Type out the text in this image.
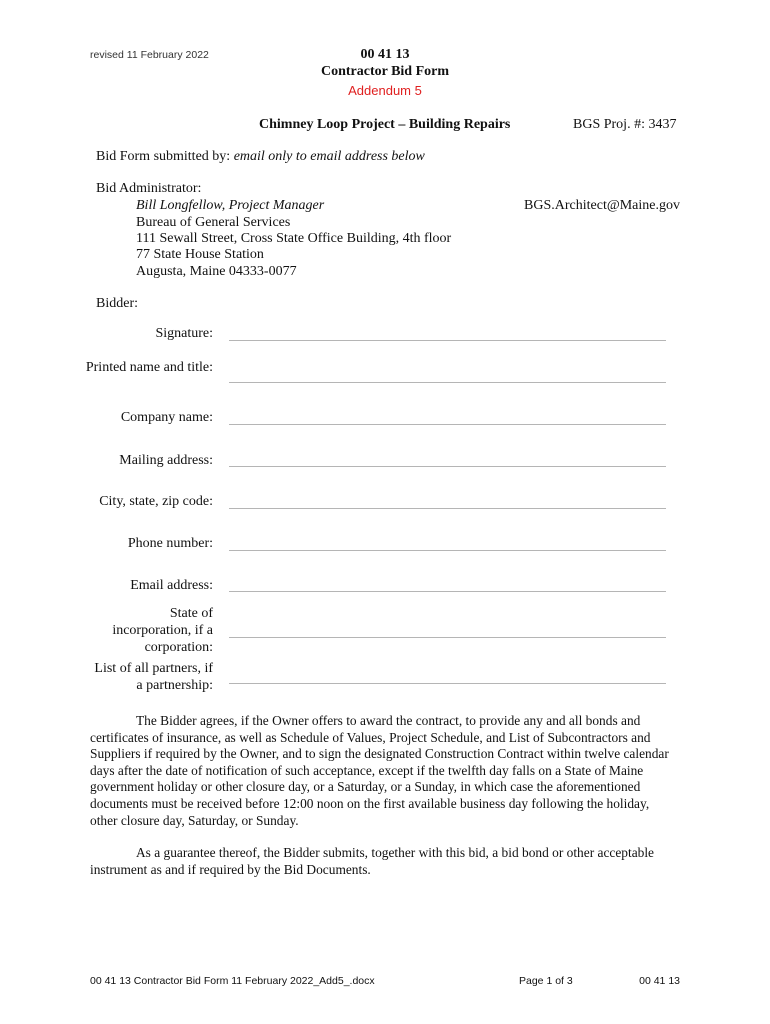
revised 11 February 2022	00 41 13
Contractor Bid Form
Addendum 5
Chimney Loop Project – Building Repairs	BGS Proj. #: 3437
Bid Form submitted by: email only to email address below
Bid Administrator:
Bill Longfellow, Project Manager
Bureau of General Services
111 Sewall Street, Cross State Office Building, 4th floor
77 State House Station
Augusta, Maine 04333-0077
BGS.Architect@Maine.gov
Bidder:
Signature:
Printed name and title:
Company name:
Mailing address:
City, state, zip code:
Phone number:
Email address:
State of incorporation, if a corporation:
List of all partners, if a partnership:
The Bidder agrees, if the Owner offers to award the contract, to provide any and all bonds and certificates of insurance, as well as Schedule of Values, Project Schedule, and List of Subcontractors and Suppliers if required by the Owner, and to sign the designated Construction Contract within twelve calendar days after the date of notification of such acceptance, except if the twelfth day falls on a State of Maine government holiday or other closure day, or a Saturday, or a Sunday, in which case the aforementioned documents must be received before 12:00 noon on the first available business day following the holiday, other closure day, Saturday, or Sunday.
As a guarantee thereof, the Bidder submits, together with this bid, a bid bond or other acceptable instrument as and if required by the Bid Documents.
00 41 13 Contractor Bid Form 11 February 2022_Add5_.docx	Page 1 of 3	00 41 13
